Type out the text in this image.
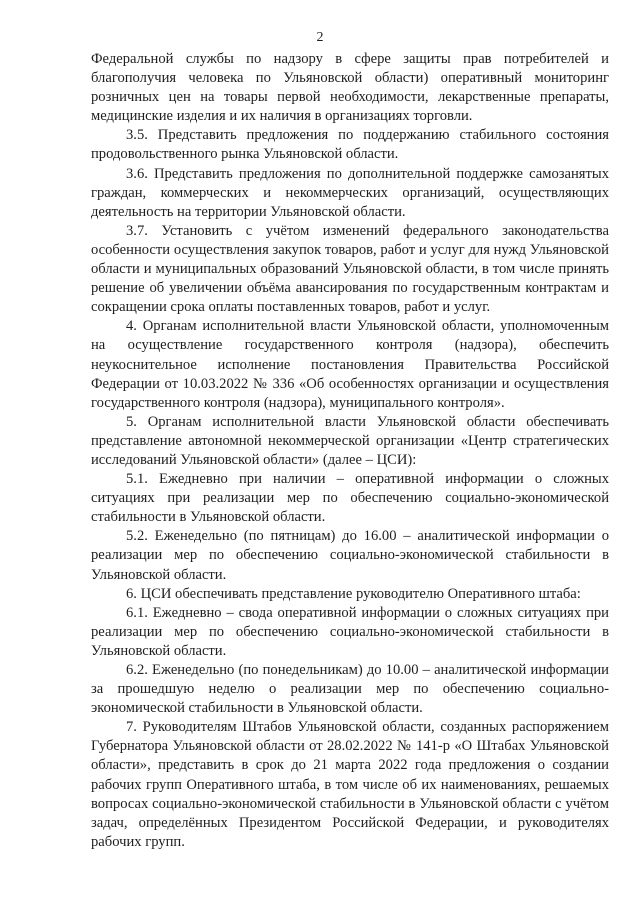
2

Федеральной службы по надзору в сфере защиты прав потребителей и благополучия человека по Ульяновской области) оперативный мониторинг розничных цен на товары первой необходимости, лекарственные препараты, медицинские изделия и их наличия в организациях торговли.

3.5. Представить предложения по поддержанию стабильного состояния продовольственного рынка Ульяновской области.

3.6. Представить предложения по дополнительной поддержке самозанятых граждан, коммерческих и некоммерческих организаций, осуществляющих деятельность на территории Ульяновской области.

3.7. Установить с учётом изменений федерального законодательства особенности осуществления закупок товаров, работ и услуг для нужд Ульяновской области и муниципальных образований Ульяновской области, в том числе принять решение об увеличении объёма авансирования по государственным контрактам и сокращении срока оплаты поставленных товаров, работ и услуг.

4. Органам исполнительной власти Ульяновской области, уполномоченным на осуществление государственного контроля (надзора), обеспечить неукоснительное исполнение постановления Правительства Российской Федерации от 10.03.2022 № 336 «Об особенностях организации и осуществления государственного контроля (надзора), муниципального контроля».

5. Органам исполнительной власти Ульяновской области обеспечивать представление автономной некоммерческой организации «Центр стратегических исследований Ульяновской области» (далее – ЦСИ):

5.1. Ежедневно при наличии – оперативной информации о сложных ситуациях при реализации мер по обеспечению социально-экономической стабильности в Ульяновской области.

5.2. Еженедельно (по пятницам) до 16.00 – аналитической информации о реализации мер по обеспечению социально-экономической стабильности в Ульяновской области.

6. ЦСИ обеспечивать представление руководителю Оперативного штаба:

6.1. Ежедневно – свода оперативной информации о сложных ситуациях при реализации мер по обеспечению социально-экономической стабильности в Ульяновской области.

6.2. Еженедельно (по понедельникам) до 10.00 – аналитической информации за прошедшую неделю о реализации мер по обеспечению социально-экономической стабильности в Ульяновской области.

7. Руководителям Штабов Ульяновской области, созданных распоряжением Губернатора Ульяновской области от 28.02.2022 № 141-р «О Штабах Ульяновской области», представить в срок до 21 марта 2022 года предложения о создании рабочих групп Оперативного штаба, в том числе об их наименованиях, решаемых вопросах социально-экономической стабильности в Ульяновской области с учётом задач, определённых Президентом Российской Федерации, и руководителях рабочих групп.
